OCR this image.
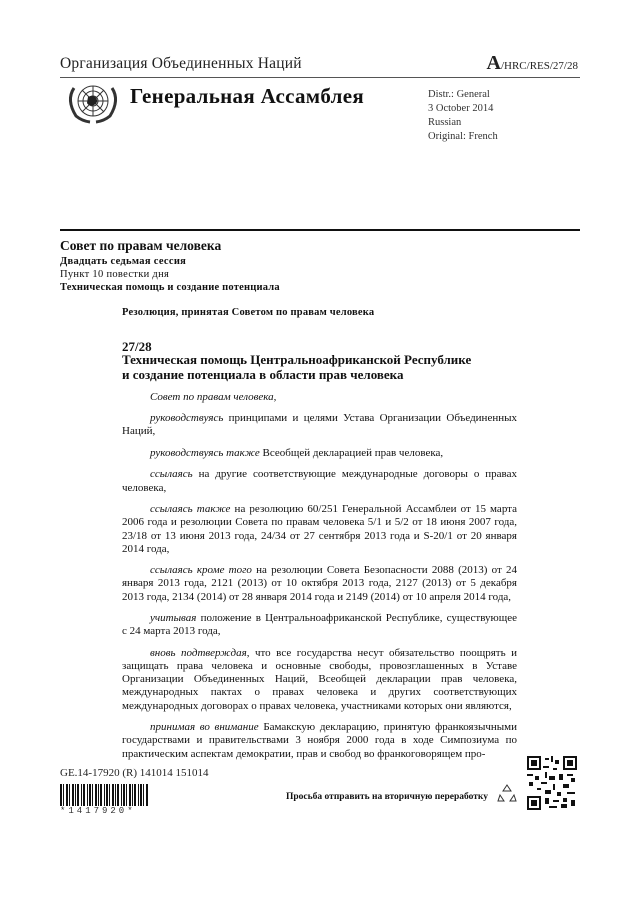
Организация Объединенных Наций	A/HRC/RES/27/28
Генеральная Ассамблея	Distr.: General
3 October 2014
Russian
Original: French
Совет по правам человека
Двадцать седьмая сессия
Пункт 10 повестки дня
Техническая помощь и создание потенциала
Резолюция, принятая Советом по правам человека
27/28
Техническая помощь Центральноафриканской Республике
и создание потенциала в области прав человека

Совет по правам человека,

руководствуясь принципами и целями Устава Организации Объединенных Наций,

руководствуясь также Всеобщей декларацией прав человека,

ссылаясь на другие соответствующие международные договоры о правах человека,

ссылаясь также на резолюцию 60/251 Генеральной Ассамблеи от 15 марта 2006 года и резолюции Совета по правам человека 5/1 и 5/2 от 18 июня 2007 года, 23/18 от 13 июня 2013 года, 24/34 от 27 сентября 2013 года и S-20/1 от 20 января 2014 года,

ссылаясь кроме того на резолюции Совета Безопасности 2088 (2013) от 24 января 2013 года, 2121 (2013) от 10 октября 2013 года, 2127 (2013) от 5 декабря 2013 года, 2134 (2014) от 28 января 2014 года и 2149 (2014) от 10 апреля 2014 года,

учитывая положение в Центральноафриканской Республике, существующее с 24 марта 2013 года,

вновь подтверждая, что все государства несут обязательство поощрять и защищать права человека и основные свободы, провозглашенных в Уставе Организации Объединенных Наций, Всеобщей декларации прав человека, международных пактах о правах человека и других соответствующих международных договорах о правах человека, участниками которых они являются,

принимая во внимание Бамакскую декларацию, принятую франкоязычными государствами и правительствами 3 ноября 2000 года в ходе Симпозиума по практическим аспектам демократии, прав и свобод во франкоговорящем про-

GE.14-17920 (R) 141014 151014
*1417920*
Просьба отправить на вторичную переработку
